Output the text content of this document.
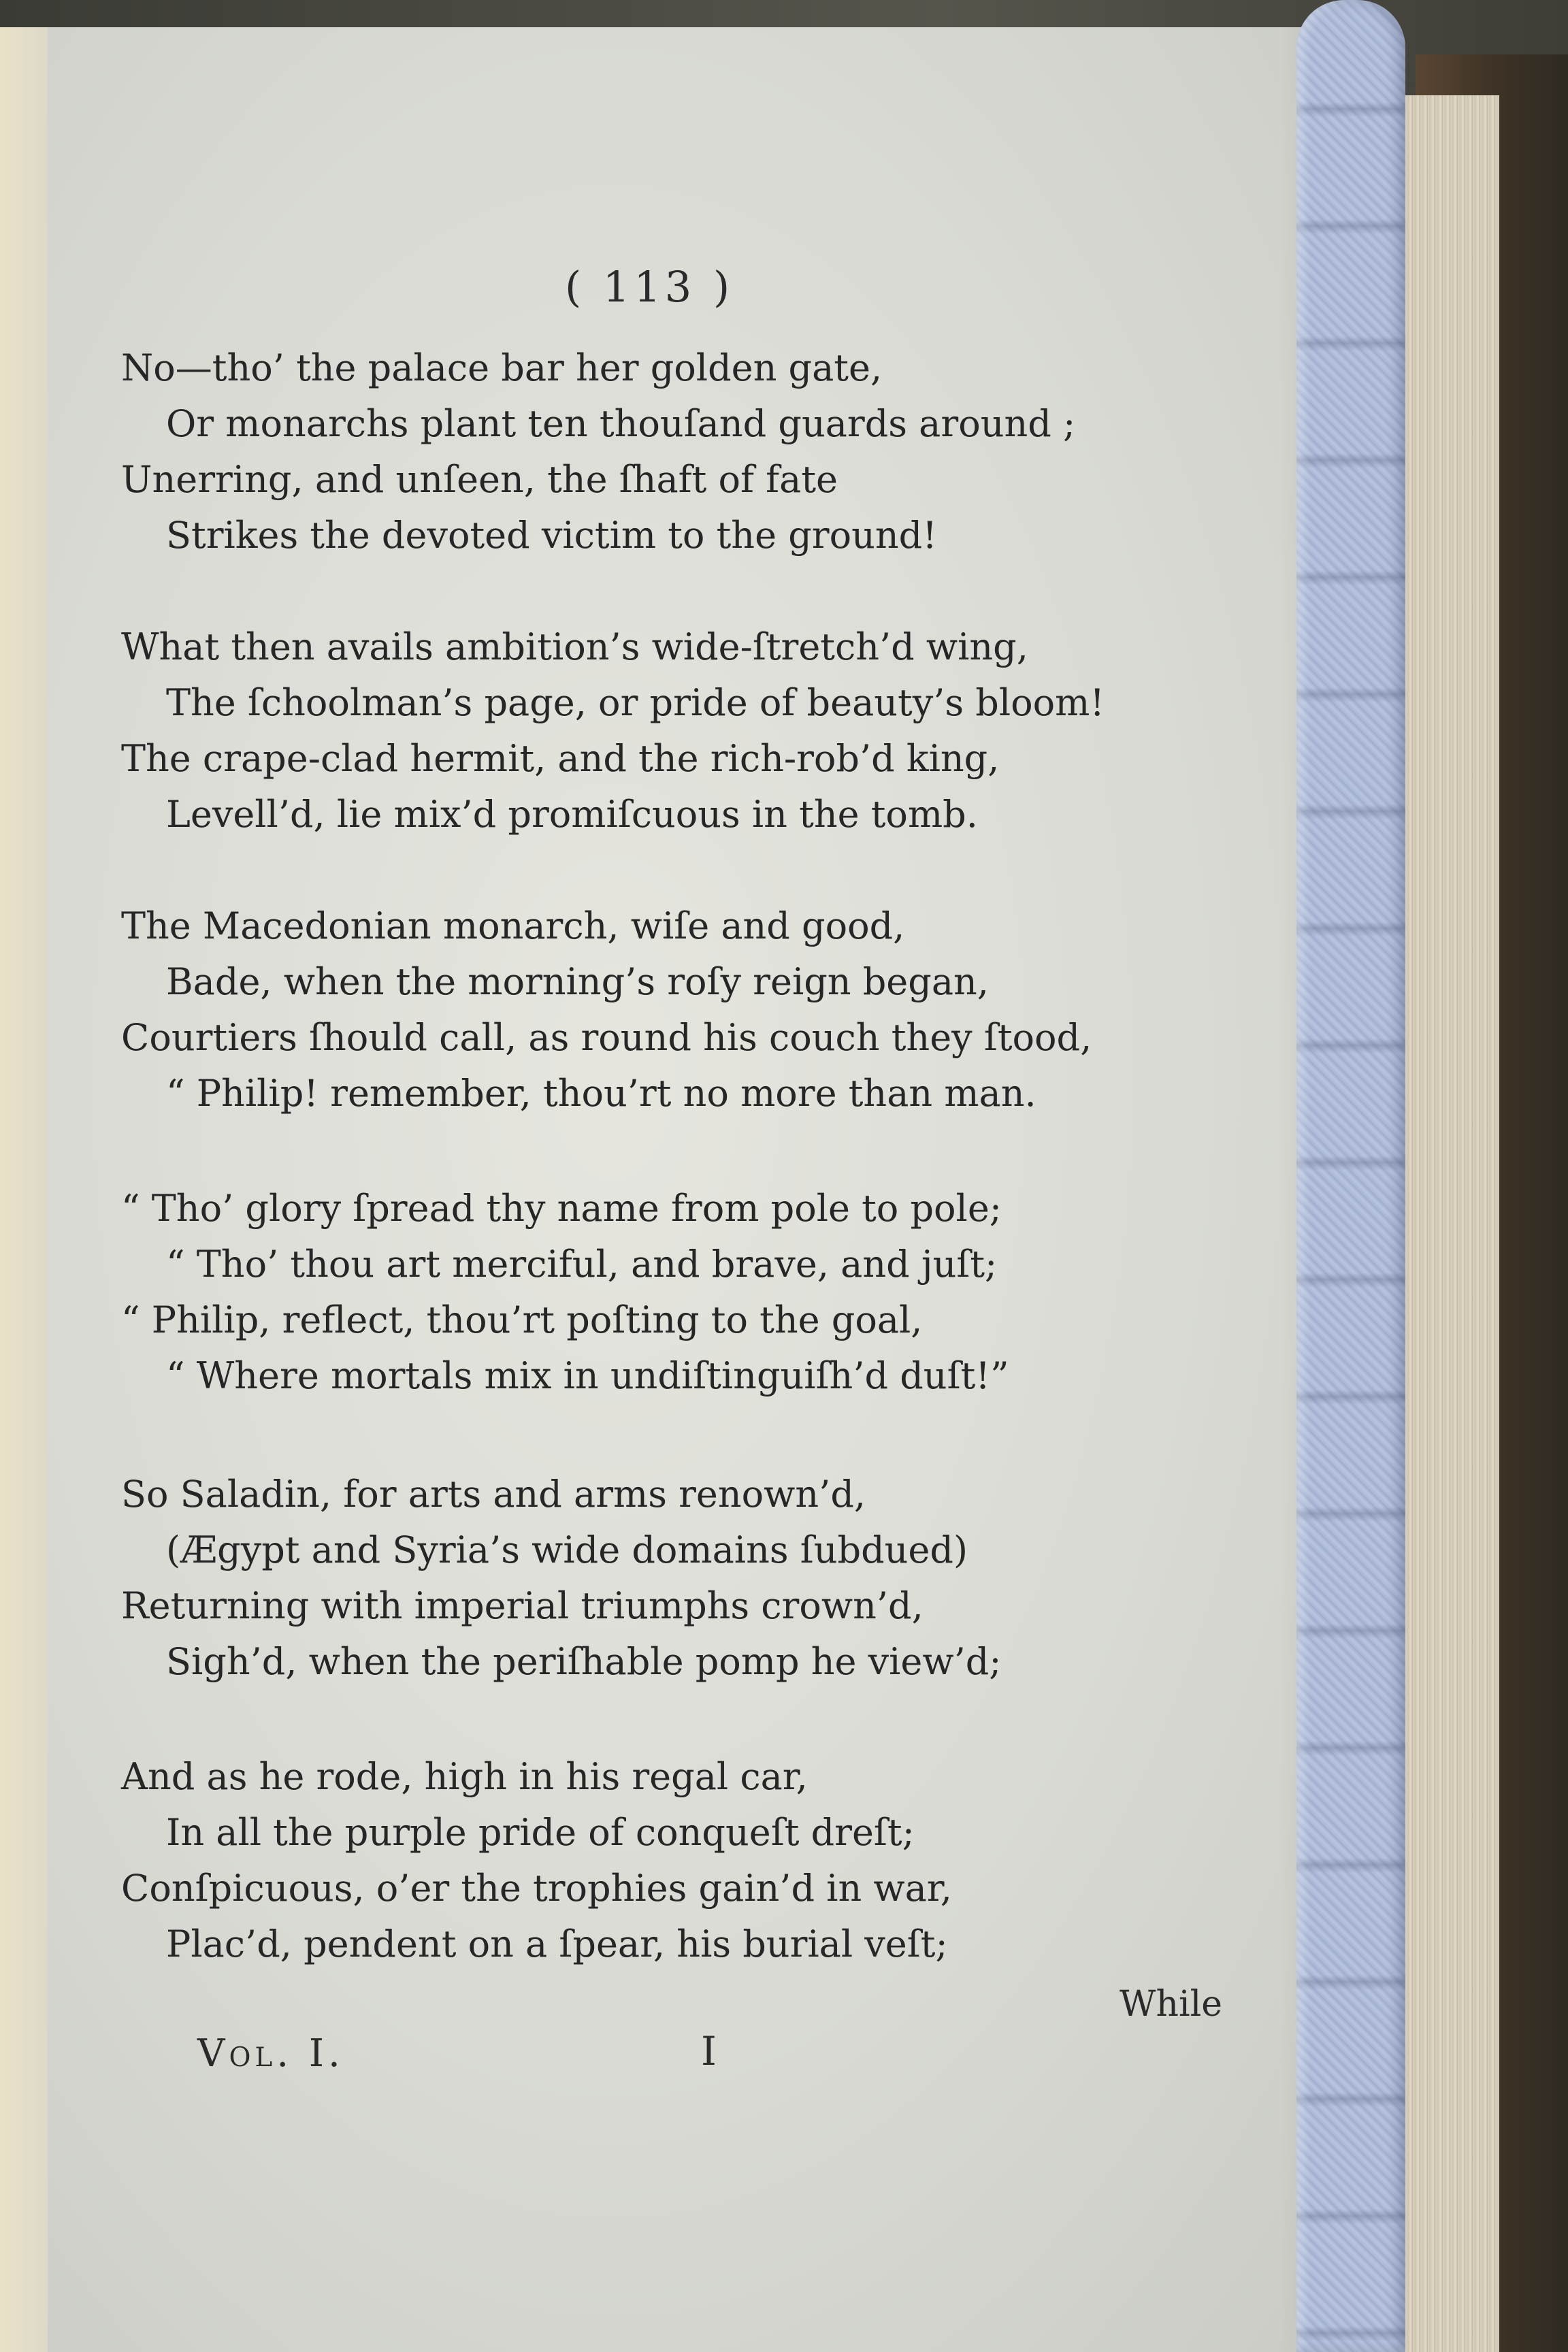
( 113 )
No—tho’ the palace bar her golden gate,
Or monarchs plant ten thouſand guards around ;
Unerring, and unſeen, the ſhaft of fate
Strikes the devoted victim to the ground!
What then avails ambition’s wide-ſtretch’d wing,
The ſchoolman’s page, or pride of beauty’s bloom!
The crape-clad hermit, and the rich-rob’d king,
Levell’d, lie mix’d promiſcuous in the tomb.
The Macedonian monarch, wiſe and good,
Bade, when the morning’s roſy reign began,
Courtiers ſhould call, as round his couch they ſtood,
“ Philip! remember, thou’rt no more than man.
“ Tho’ glory ſpread thy name from pole to pole;
“ Tho’ thou art merciful, and brave, and juſt;
“ Philip, reflect, thou’rt poſting to the goal,
“ Where mortals mix in undiſtinguiſh’d duſt!”
So Saladin, for arts and arms renown’d,
(Ægypt and Syria’s wide domains ſubdued)
Returning with imperial triumphs crown’d,
Sigh’d, when the periſhable pomp he view’d;
And as he rode, high in his regal car,
In all the purple pride of conqueſt dreſt;
Conſpicuous, o’er the trophies gain’d in war,
Plac’d, pendent on a ſpear, his burial veſt;
While
Vol. I.	I
